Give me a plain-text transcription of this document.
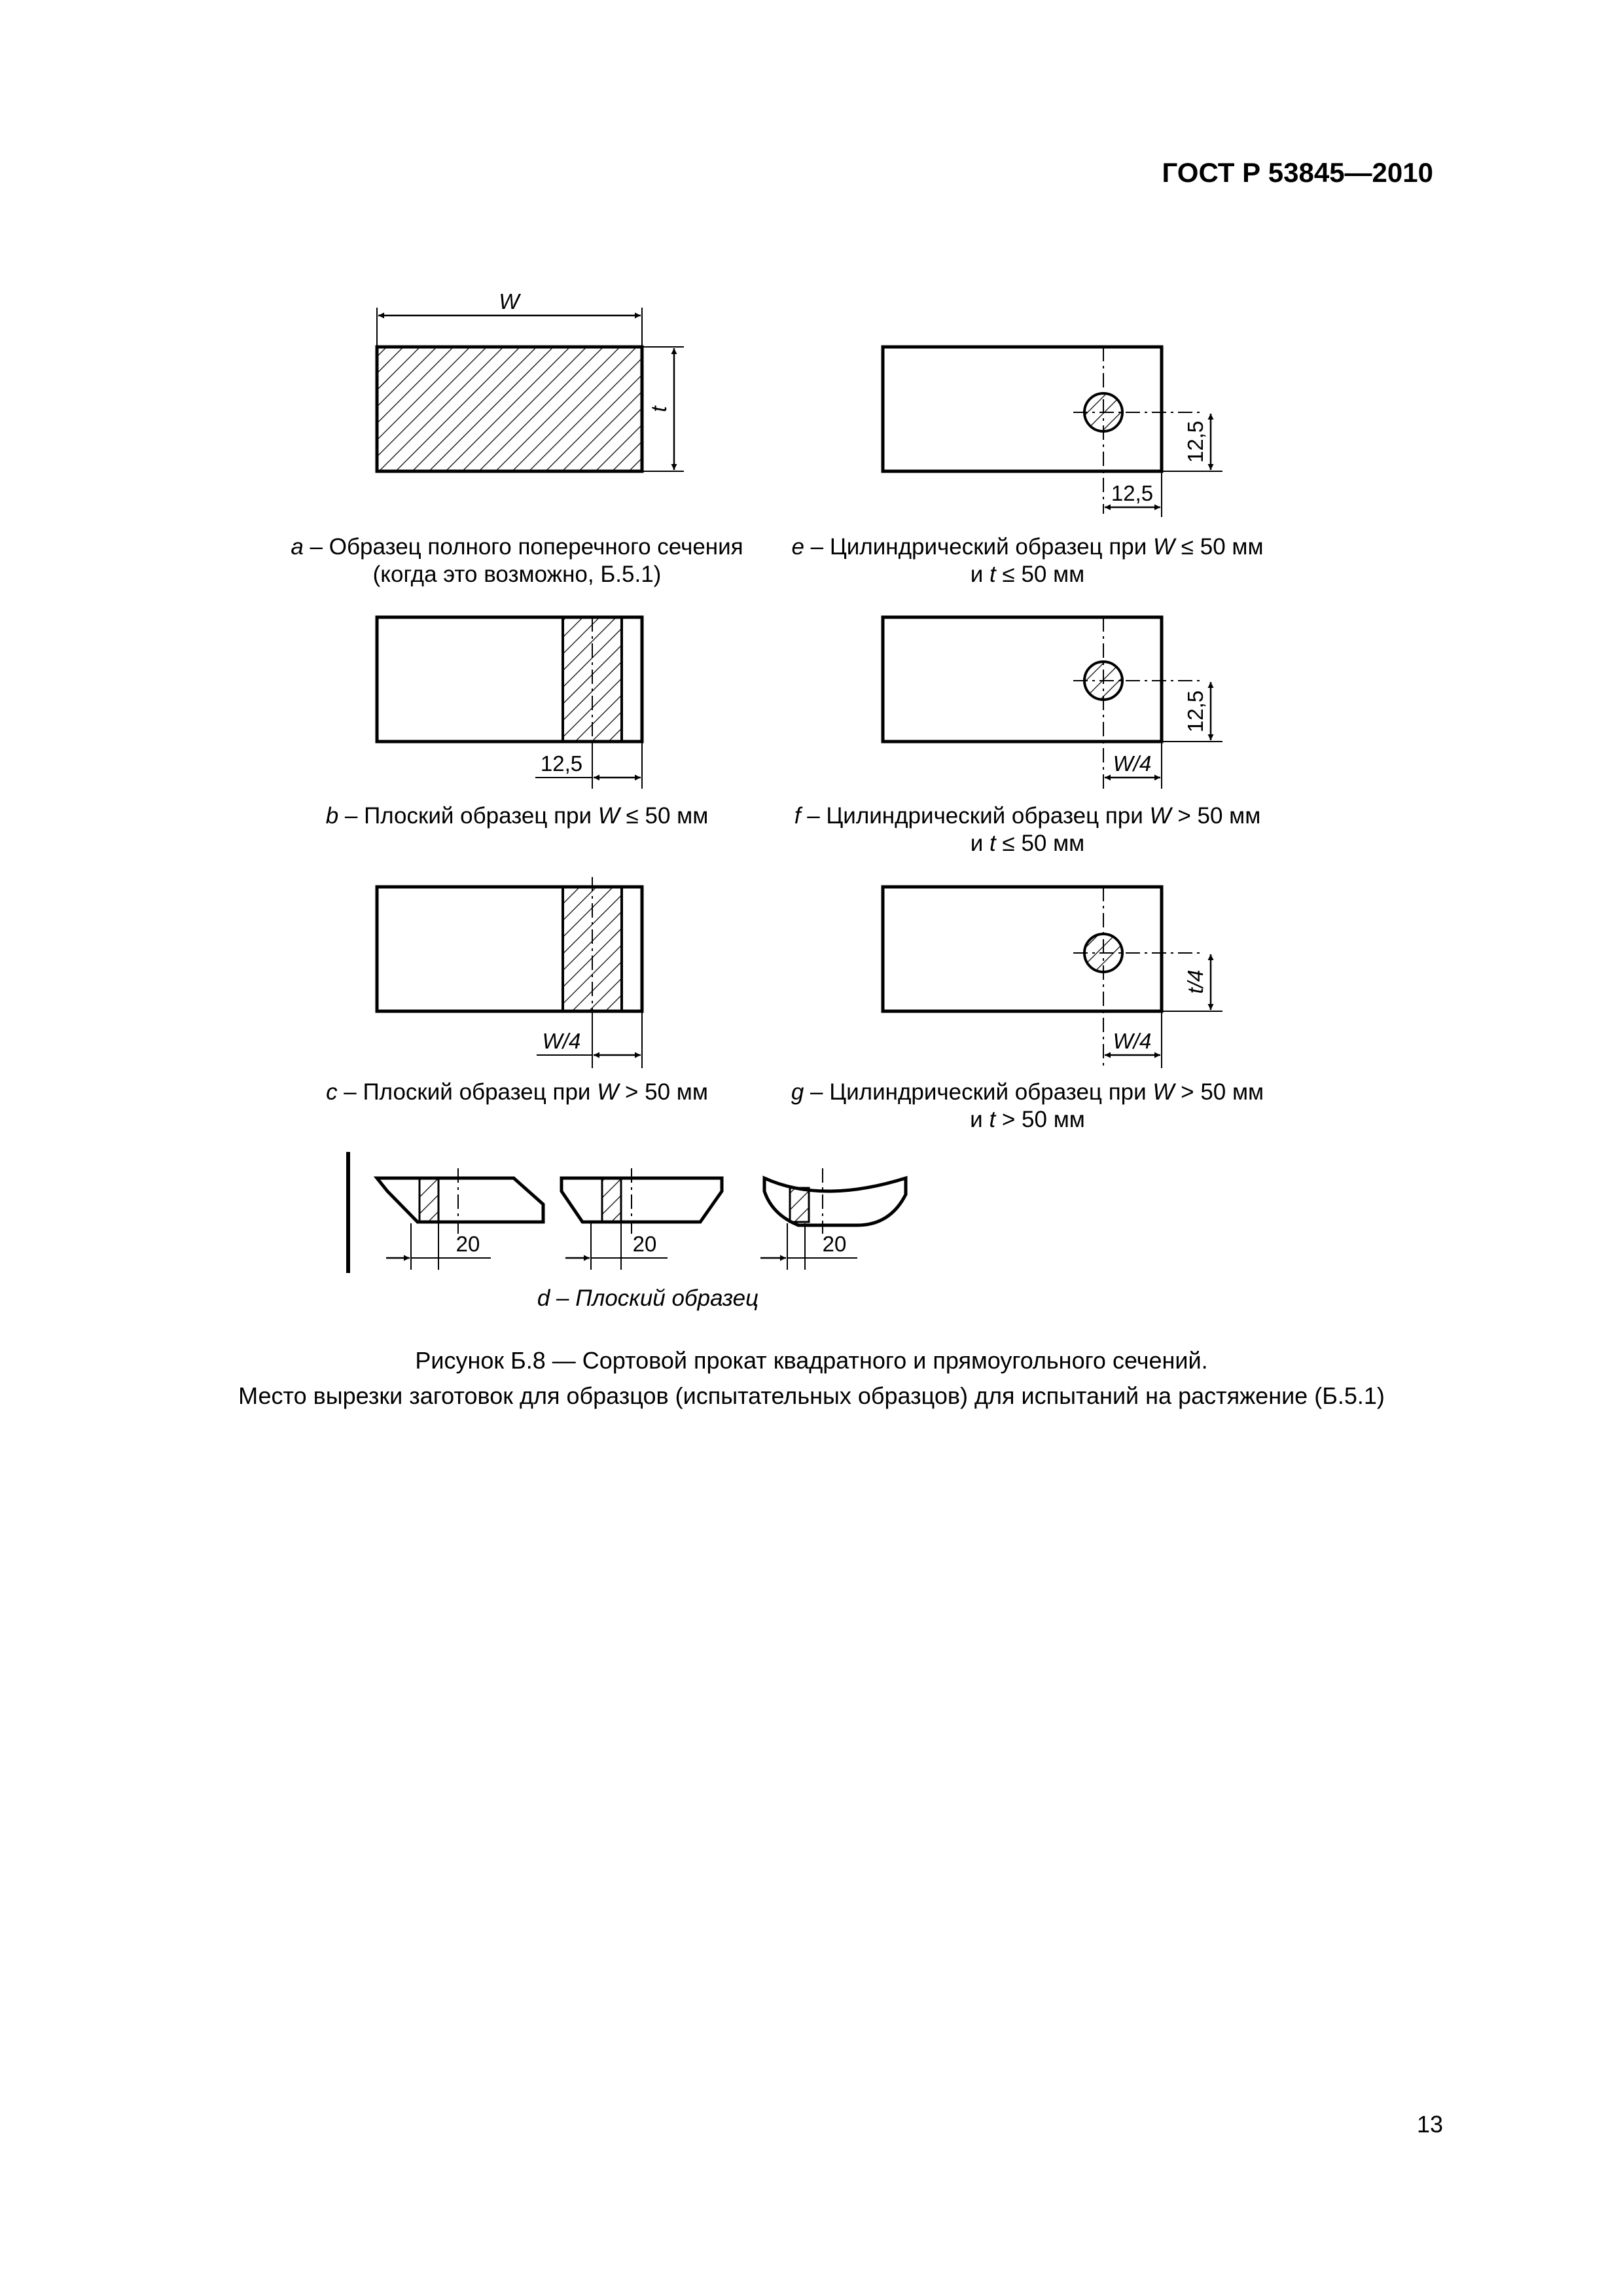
ГОСТ Р 53845—2010
W
t
a – Образец полного поперечного сечения
(когда это возможно, Б.5.1)
12,5
12,5
e – Цилиндрический образец при W ≤ 50 мм
и t ≤ 50 мм
12,5
b – Плоский образец при W ≤ 50 мм
12,5
W/4
f – Цилиндрический образец при W > 50 мм
и t ≤ 50 мм
W/4
c – Плоский образец при W > 50 мм
t/4
W/4
g – Цилиндрический образец при W > 50 мм
и t > 50 мм
20	20	20
d – Плоский образец
Рисунок Б.8 — Сортовой прокат квадратного и прямоугольного сечений.
Место вырезки заготовок для образцов (испытательных образцов) для испытаний на растяжение (Б.5.1)
13
